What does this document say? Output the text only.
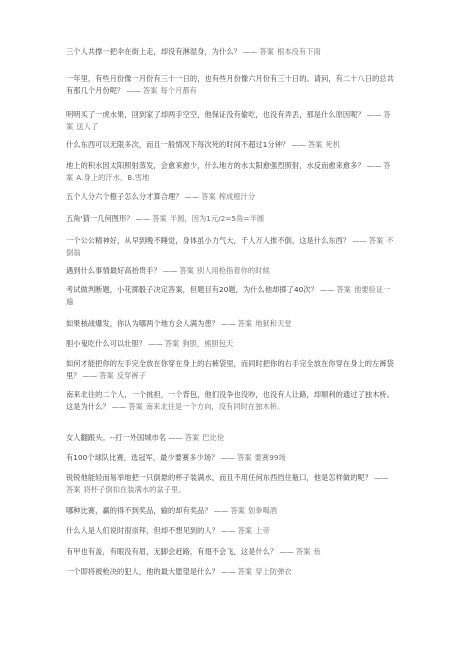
三个人共撑一把伞在街上走，却没有淋湿身，为什么？ —— 答案 根本没有下雨
一年里，有些月份像一月份有三十一日的，也有些月份像六月份有三十日的。请问，有二十八日的总共有那几个月份呢？ —— 答案 每个月都有
明明买了一虎水果，回到家了却两手空空，他保证没有偷吃，也没有弄丢，那是什么原因呢？ —— 答案 送人了
什么东西可以无限多次，而且一般情况下每次死的时间不超过1分钟？ —— 答案 死机
地上的积水因太阳照射蒸发，会愈来愈少，什么地方的水太阳愈强烈照射，水反而愈来愈多？ —— 答案 A.身上的汗水，B.雪地
五个人分六个橙子怎么分才算合理？ —— 答案 榨成橙汁分
五角'猜一几何图形？ —— 答案 半圆，因为1元/2=5角=半圆
一个公公精神好，从早到晚不睡觉，身体虽小力气大，千人万人推不倒，这是什么东西？ —— 答案 不倒翁
遇到什么事情最好高抬贵手？ —— 答案 别人用枪指着你的时候
考试做判断题，小花掷骰子决定答案，但题目有20题，为什么他却掷了40次？ —— 答案 他要验证一遍
如果核战爆发，你认为哪两个地方会人满为患？ —— 答案 地狱和天堂
胆小鬼吃什么可以壮胆？ —— 答案 狗胆，熊胆包天
如何才能把你的左手完全放在你穿在身上的右裤袋里，而同时把你的右手完全放在你穿在身上的左裤袋里？ —— 答案 反穿裤子
南来北往的二个人，一个挑担，一个背包，他们没争也没吵，也没有人让路，却顺利的通过了独木桥。这是为什么？ —— 答案 南来北往是一个方向，没有同时在独木桥。
女人翻跟头。--打一外国城市名 —— 答案 巴比伦
有100个球队比赛，选冠军，最少要赛多少场？ —— 答案 要赛99场
锐锐他能轻而易举地把一只倒悬的杯子装满水，而且不用任何东西挡住瓶口，他是怎样做的呢？ ——答案 将杯子倒扣在装满水的盆子里。
哪种比赛，赢的得不到奖品，输的却有奖品？ —— 答案 划拳喝酒
什么人是人们说时很崇拜，但却不想见到的人？ —— 答案 上帝
有甲也有盖，有眼没有眉，无脚会赶路，有翅不会飞，这是什么？ —— 答案 鱼
一个即将被枪决的犯人，他的最大愿望是什么？ —— 答案 穿上防弹衣
